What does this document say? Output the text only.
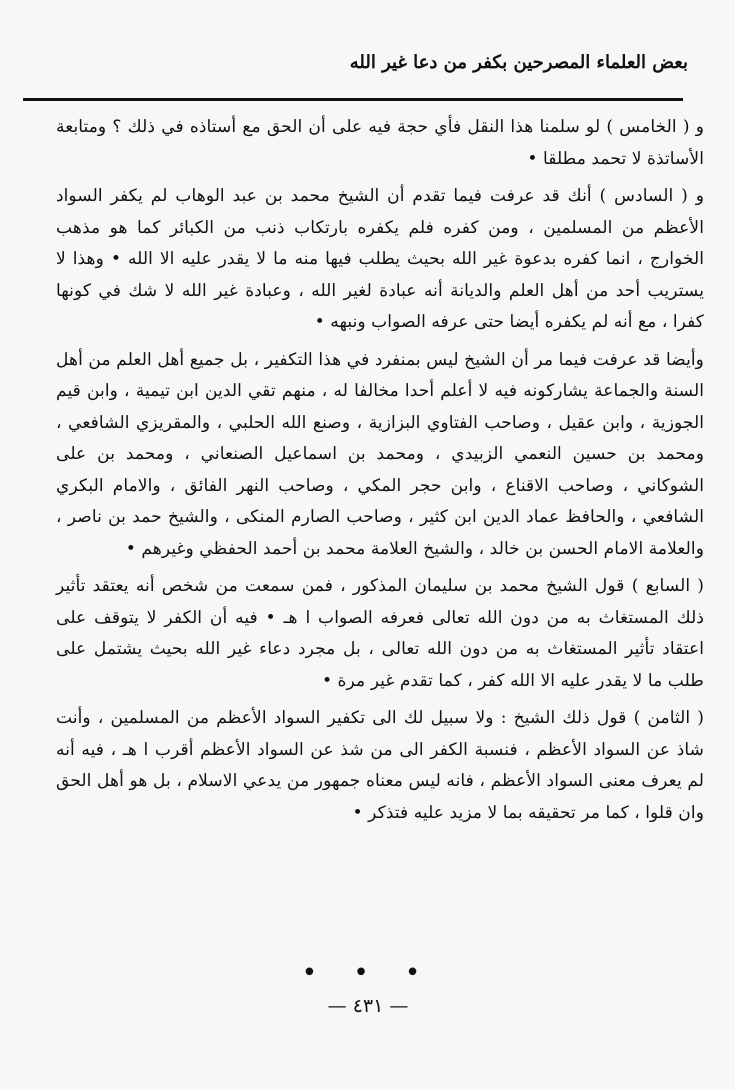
بعض العلماء المصرحين بكفر من دعا غير الله

و ( الخامس ) لو سلمنا هذا النقل فأي حجة فيه على أن الحق مع أستاذه في ذلك ؟ ومتابعة الأساتذة لا تحمد مطلقا •

و ( السادس ) أنك قد عرفت فيما تقدم أن الشيخ محمد بن عبد الوهاب لم يكفر السواد الأعظم من المسلمين ، ومن كفره فلم يكفره بارتكاب ذنب من الكبائر كما هو مذهب الخوارج ، انما كفره بدعوة غير الله بحيث يطلب فيها منه ما لا يقدر عليه الا الله • وهذا لا يستريب أحد من أهل العلم والديانة أنه عبادة لغير الله ، وعبادة غير الله لا شك في كونها كفرا ، مع أنه لم يكفره أيضا حتى عرفه الصواب ونبهه •

وأيضا قد عرفت فيما مر أن الشيخ ليس بمنفرد في هذا التكفير ، بل جميع أهل العلم من أهل السنة والجماعة يشاركونه فيه لا أعلم أحدا مخالفا له ، منهم تقي الدين ابن تيمية ، وابن قيم الجوزية ، وابن عقيل ، وصاحب الفتاوي البزازية ، وصنع الله الحلبي ، والمقريزي الشافعي ، ومحمد بن حسين النعمي الزبيدي ، ومحمد بن اسماعيل الصنعاني ، ومحمد بن على الشوكاني ، وصاحب الاقناع ، وابن حجر المكي ، وصاحب النهر الفائق ، والامام البكري الشافعي ، والحافظ عماد الدين ابن كثير ، وصاحب الصارم المنكى ، والشيخ حمد بن ناصر ، والعلامة الامام الحسن بن خالد ، والشيخ العلامة محمد بن أحمد الحفظي وغيرهم •

( السابع ) قول الشيخ محمد بن سليمان المذكور ، فمن سمعت من شخص أنه يعتقد تأثير ذلك المستغاث به من دون الله تعالى فعرفه الصواب ا هـ • فيه أن الكفر لا يتوقف على اعتقاد تأثير المستغاث به من دون الله تعالى ، بل مجرد دعاء غير الله بحيث يشتمل على طلب ما لا يقدر عليه الا الله كفر ، كما تقدم غير مرة •

( الثامن ) قول ذلك الشيخ : ولا سبيل لك الى تكفير السواد الأعظم من المسلمين ، وأنت شاذ عن السواد الأعظم ، فنسبة الكفر الى من شذ عن السواد الأعظم أقرب ا هـ ، فيه أنه لم يعرف معنى السواد الأعظم ، فانه ليس معناه جمهور من يدعي الاسلام ، بل هو أهل الحق وان قلوا ، كما مر تحقيقه بما لا مزيد عليه فتذكر •

• • •
— ٤٣١ —
